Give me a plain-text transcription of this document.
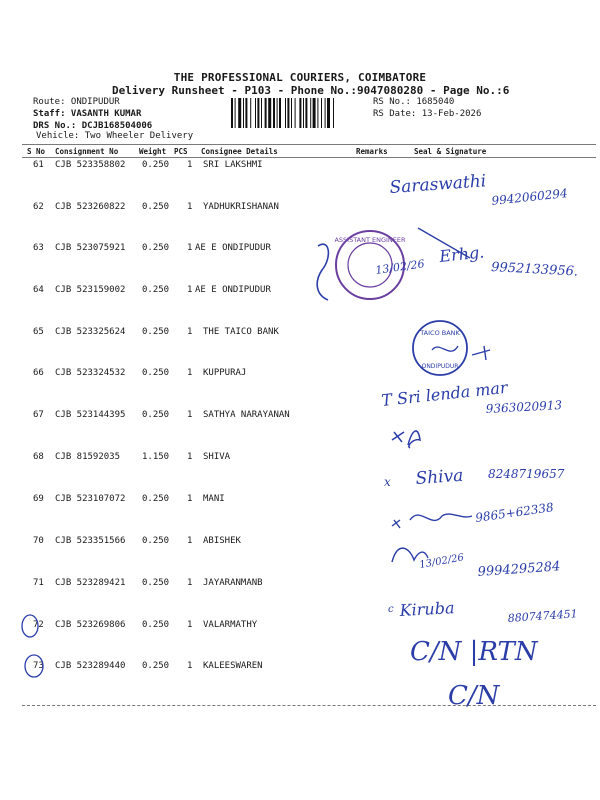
THE PROFESSIONAL COURIERS, COIMBATORE
Delivery Runsheet - P103 - Phone No.:9047080280 - Page No.:6
Route: ONDIPUDUR
Staff: VASANTH KUMAR
DRS No.: DCJB168504006
Vehicle: Two Wheeler Delivery
RS No.: 1685040
RS Date: 13-Feb-2026
S No Consignment No	Weight PCS Consignee Details	Remarks	Seal & Signature
61 CJB 523358802 0.250 1 SRI LAKSHMI
62 CJB 523260822 0.250 1 YADHUKRISHANAN
63 CJB 523075921 0.250 1 AE E ONDIPUDUR
64 CJB 523159002 0.250 1 AE E ONDIPUDUR
65 CJB 523325624 0.250 1 THE TAICO BANK
66 CJB 523324532 0.250 1 KUPPURAJ
67 CJB 523144395 0.250 1 SATHYA NARAYANAN
68 CJB 81592035 1.150 1 SHIVA
69 CJB 523107072 0.250 1 MANI
70 CJB 523351566 0.250 1 ABISHEK
71 CJB 523289421 0.250 1 JAYARANMANB
72 CJB 523269806 0.250 1 VALARMATHY
73 CJB 523289440 0.250 1 KALEESWAREN
Saraswathi 9942060294
ASSISTANT ENGINEER
13/02/26
Erhg.
9952133956.
TAICO BANK
ONDIPUDUR
T Sri lenda mar
9363020913
x Shiva 8248719657
9865+62338
13/02/26 9994295284
c Kiruba	8807474451
C/N |RTN
C/N
